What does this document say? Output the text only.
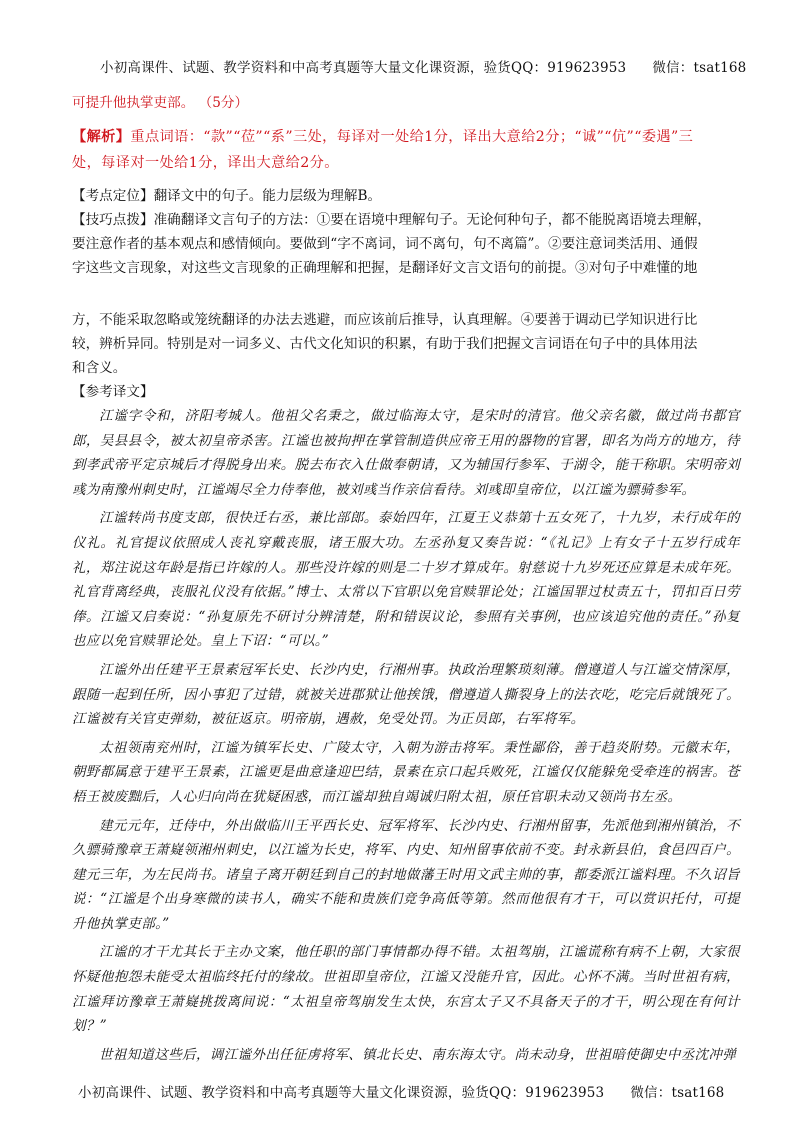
小初高课件、试题、教学资料和中高考真题等大量文化课资源，验货QQ：919623953 微信：tsat168
可提升他执掌吏部。 （5分）
【解析】重点词语：“款”“莅”“系”三处，每译对一处给1分，译出大意给2分；“诚”“伉”“委遇”三
处，每译对一处给1分，译出大意给2分。
【考点定位】翻译文中的句子。能力层级为理解B。
【技巧点拨】准确翻译文言句子的方法：①要在语境中理解句子。无论何种句子，都不能脱离语境去理解，
要注意作者的基本观点和感情倾向。要做到“字不离词，词不离句，句不离篇”。②要注意词类活用、通假
字这些文言现象，对这些文言现象的正确理解和把握，是翻译好文言文语句的前提。③对句子中难懂的地
方，不能采取忽略或笼统翻译的办法去逃避，而应该前后推导，认真理解。④要善于调动已学知识进行比
较，辨析异同。特别是对一词多义、古代文化知识的积累，有助于我们把握文言词语在句子中的具体用法
和含义。
【参考译文】

江谧字令和，济阳考城人。他祖父名秉之，做过临海太守，是宋时的清官。他父亲名徽，做过尚书都官郎，吴县县令，被太初皇帝杀害。江谧也被拘押在掌管制造供应帝王用的器物的官署，即名为尚方的地方，待到孝武帝平定京城后才得脱身出来。脱去布衣入仕做奉朝请，又为辅国行参军、于湖令，能干称职。宋明帝刘彧为南豫州刺史时，江谧竭尽全力侍奉他，被刘彧当作亲信看待。刘彧即皇帝位，以江谧为骠骑参军。

江谧转尚书度支郎，很快迁右丞，兼比部郎。泰始四年，江夏王义恭第十五女死了，十九岁，未行成年的仪礼。礼官提议依照成人丧礼穿戴丧服，诸王服大功。左丞孙复又奏告说：“《礼记》上有女子十五岁行成年礼，郑注说这年龄是指已许嫁的人。那些没许嫁的则是二十岁才算成年。射慈说十九岁死还应算是未成年死。礼官背离经典，丧服礼仪没有依据。”博士、太常以下官职以免官赎罪论处；江谧国罪过杖责五十，罚扣百日劳俸。江谧又启奏说：“孙复原先不研讨分辨清楚，附和错误议论，参照有关事例，也应该追究他的责任。”孙复也应以免官赎罪论处。皇上下诏：“可以。”

江谧外出任建平王景素冠军长史、长沙内史，行湘州事。执政治理繁琐刻薄。僧遵道人与江谧交情深厚，跟随一起到任所，因小事犯了过错，就被关进郡狱让他挨饿，僧遵道人撕裂身上的法衣吃，吃完后就饿死了。江谧被有关官吏弹劾，被征返京。明帝崩，遇赦，免受处罚。为正员郎，右军将军。

太祖领南兖州时，江谧为镇军长史、广陵太守，入朝为游击将军。秉性鄙俗，善于趋炎附势。元徽末年，朝野都属意于建平王景素，江谧更是曲意逢迎巴结，景素在京口起兵败死，江谧仅仅能躲免受牵连的祸害。苍梧王被废黜后，人心归向尚在犹疑困惑，而江谧却独自竭诚归附太祖，原任官职未动又领尚书左丞。

建元元年，迁侍中，外出做临川王平西长史、冠军将军、长沙内史、行湘州留事，先派他到湘州镇治，不久骠骑豫章王萧嶷领湘州刺史，以江谧为长史，将军、内史、知州留事依前不变。封永新县伯，食邑四百户。建元三年，为左民尚书。诸皇子离开朝廷到自己的封地做藩王时用文武主帅的事，都委派江谧料理。不久诏旨说：“江谧是个出身寒微的读书人，确实不能和贵族们竞争高低等第。然而他很有才干，可以赏识托付，可提升他执掌吏部。”

江谧的才干尤其长于主办文案，他任职的部门事情都办得不错。太祖驾崩，江谧谎称有病不上朝，大家很怀疑他抱怨未能受太祖临终托付的缘故。世祖即皇帝位，江谧又没能升官，因此。心怀不满。当时世祖有病，江谧拜访豫章王萧嶷挑拨离间说：“太祖皇帝驾崩发生太快，东宫太子又不具备天子的才干，明公现在有何计划？”

世祖知道这些后，调江谧外出任征虏将军、镇北长史、南东海太守。尚未动身，世祖暗使御史中丞沈冲弹

小初高课件、试题、教学资料和中高考真题等大量文化课资源，验货QQ：919623953 微信：tsat168
